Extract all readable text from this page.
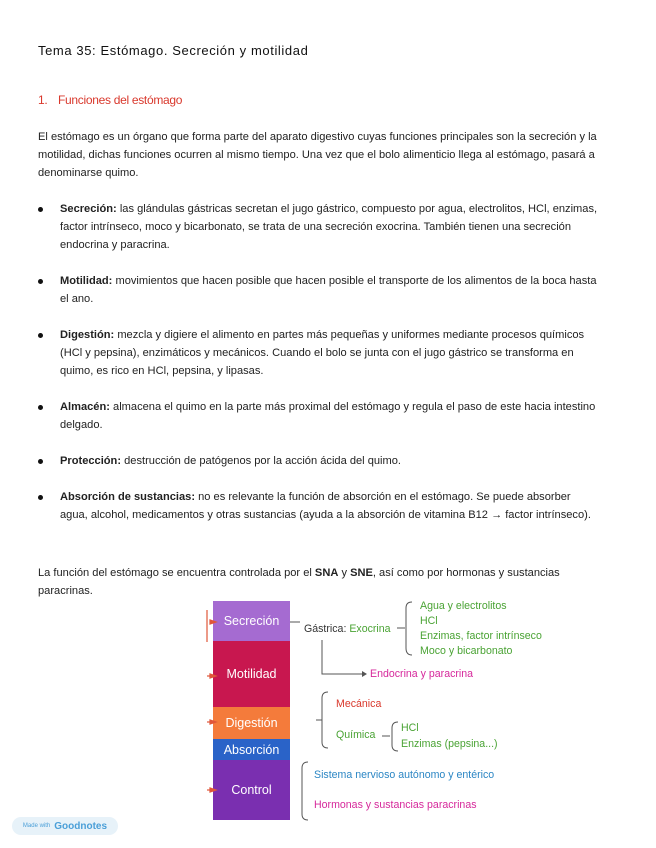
Tema 35: Estómago. Secreción y motilidad
1. Funciones del estómago
El estómago es un órgano que forma parte del aparato digestivo cuyas funciones principales son la secreción y la motilidad, dichas funciones ocurren al mismo tiempo. Una vez que el bolo alimenticio llega al estómago, pasará a denominarse quimo.
Secreción: las glándulas gástricas secretan el jugo gástrico, compuesto por agua, electrolitos, HCl, enzimas, factor intrínseco, moco y bicarbonato, se trata de una secreción exocrina. También tienen una secreción endocrina y paracrina.
Motilidad: movimientos que hacen posible que hacen posible el transporte de los alimentos de la boca hasta el ano.
Digestión: mezcla y digiere el alimento en partes más pequeñas y uniformes mediante procesos químicos (HCl y pepsina), enzimáticos y mecánicos. Cuando el bolo se junta con el jugo gástrico se transforma en quimo, es rico en HCl, pepsina, y lipasas.
Almacén: almacena el quimo en la parte más proximal del estómago y regula el paso de este hacia intestino delgado.
Protección: destrucción de patógenos por la acción ácida del quimo.
Absorción de sustancias: no es relevante la función de absorción en el estómago. Se puede absorber agua, alcohol, medicamentos y otras sustancias (ayuda a la absorción de vitamina B12 → factor intrínseco).
La función del estómago se encuentra controlada por el SNA y SNE, así como por hormonas y sustancias paracrinas.
Secreción
Motilidad
Digestión
Absorción
Control
Gástrica: Exocrina
Agua y electrolitos
HCl
Enzimas, factor intrínseco
Moco y bicarbonato
Endocrina y paracrina
Mecánica
Química
HCl
Enzimas (pepsina...)
Sistema nervioso autónomo y entérico
Hormonas y sustancias paracrinas
Made with Goodnotes
